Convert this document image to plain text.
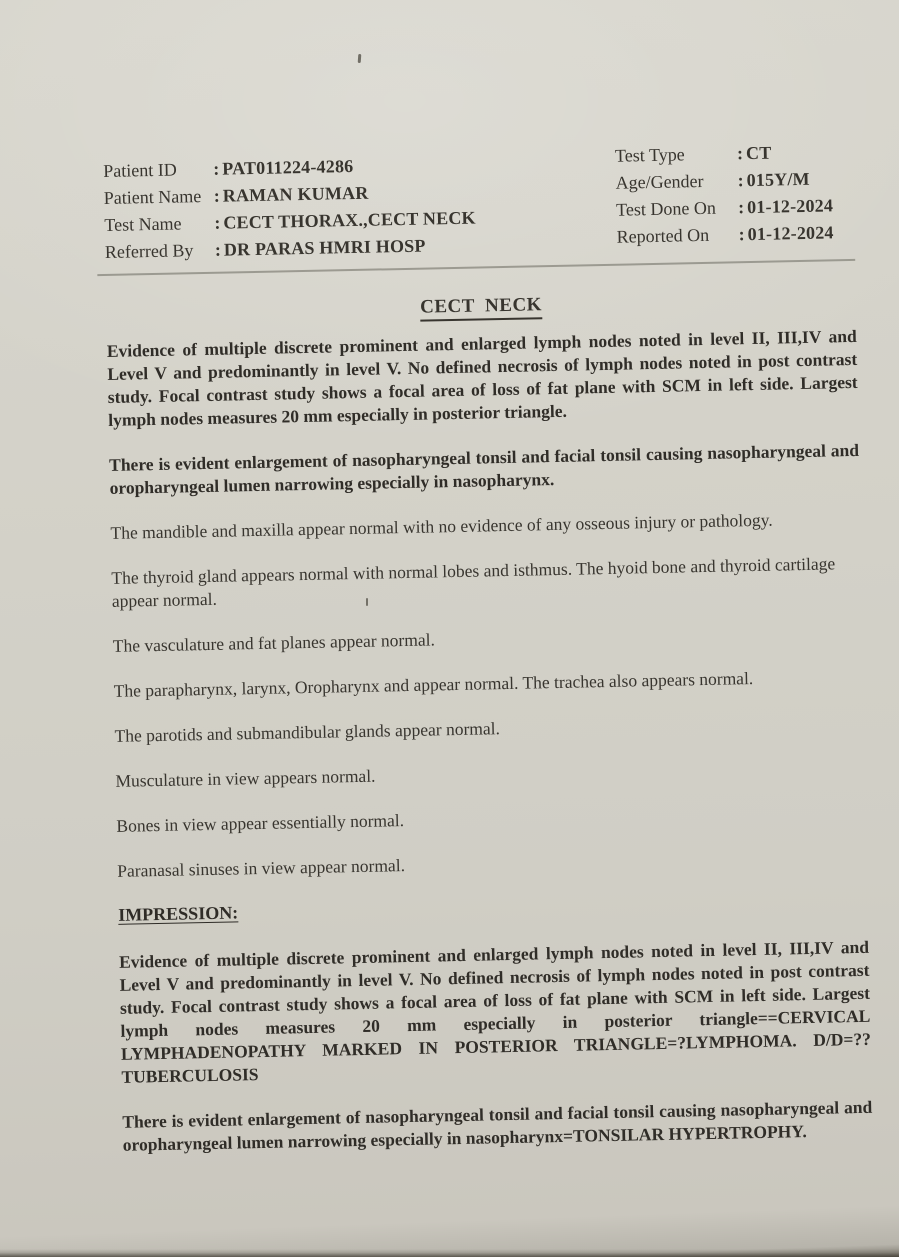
Patient ID	: PAT011224-4286
Patient Name : RAMAN KUMAR
Test Name	: CECT THORAX.,CECT NECK
Referred By	: DR PARAS HMRI HOSP
Test Type	: CT
Age/Gender	: 015Y/M
Test Done On	: 01-12-2024
Reported On	: 01-12-2024
CECT  NECK

Evidence of multiple discrete prominent and enlarged lymph nodes noted in level II, III,IV and Level V and predominantly in level V. No defined necrosis of lymph nodes noted in post contrast study. Focal contrast study shows a focal area of loss of fat plane with SCM in left side. Largest lymph nodes measures 20 mm especially in posterior triangle.

There is evident enlargement of nasopharyngeal tonsil and facial tonsil causing nasopharyngeal and oropharyngeal lumen narrowing especially in nasopharynx.

The mandible and maxilla appear normal with no evidence of any osseous injury or pathology.

The thyroid gland appears normal with normal lobes and isthmus. The hyoid bone and thyroid cartilage appear normal.

The vasculature and fat planes appear normal.

The parapharynx, larynx, Oropharynx and appear normal. The trachea also appears normal.

The parotids and submandibular glands appear normal.

Musculature in view appears normal.

Bones in view appear essentially normal.

Paranasal sinuses in view appear normal.

IMPRESSION:

Evidence of multiple discrete prominent and enlarged lymph nodes noted in level II, III,IV and Level V and predominantly in level V. No defined necrosis of lymph nodes noted in post contrast study. Focal contrast study shows a focal area of loss of fat plane with SCM in left side. Largest lymph nodes measures 20 mm especially in posterior triangle==CERVICAL LYMPHADENOPATHY MARKED IN POSTERIOR TRIANGLE=?LYMPHOMA. D/D=??TUBERCULOSIS

There is evident enlargement of nasopharyngeal tonsil and facial tonsil causing nasopharyngeal and oropharyngeal lumen narrowing especially in nasopharynx=TONSILAR HYPERTROPHY.
